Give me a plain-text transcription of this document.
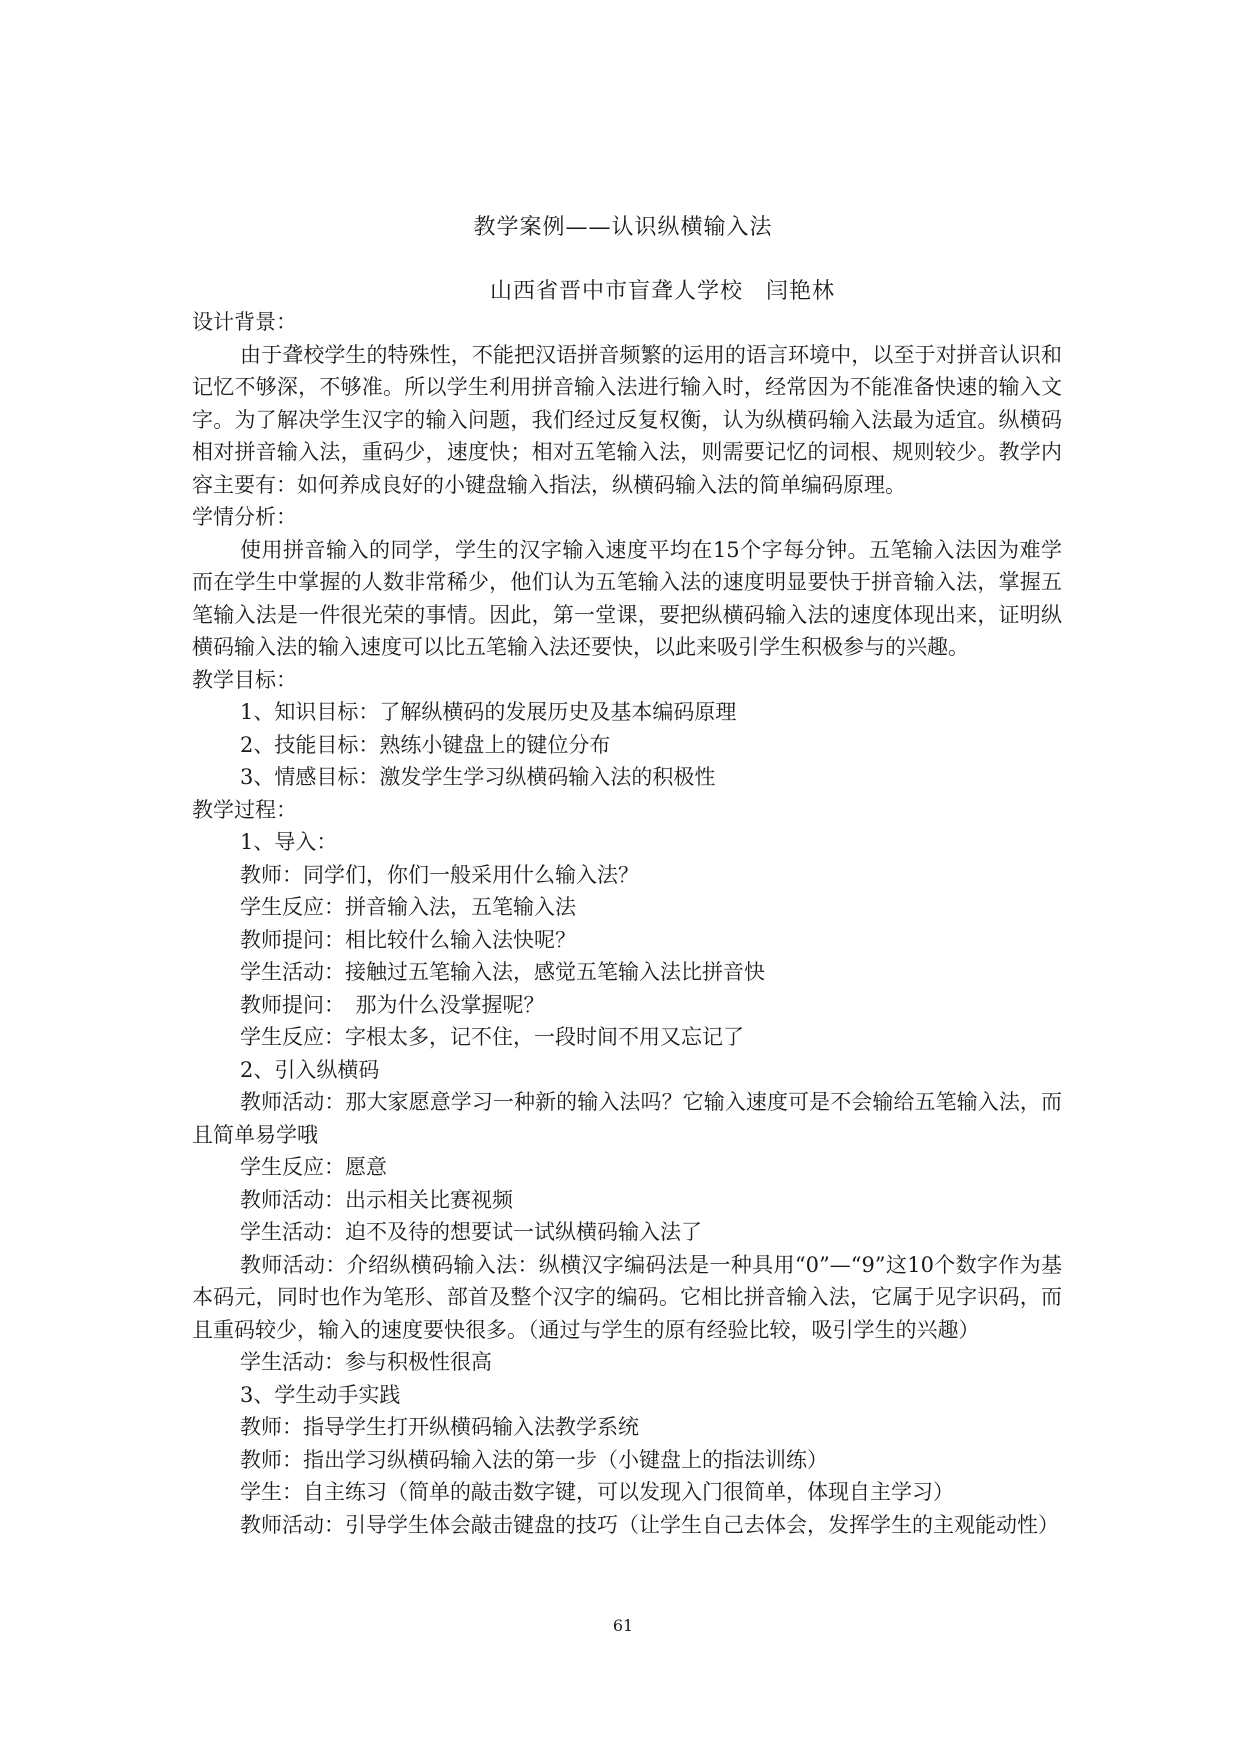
教学案例——认识纵横输入法
山西省晋中市盲聋人学校　闫艳林

设计背景：

由于聋校学生的特殊性，不能把汉语拼音频繁的运用的语言环境中，以至于对拼音认识和记忆不够深，不够准。所以学生利用拼音输入法进行输入时，经常因为不能准备快速的输入文字。为了解决学生汉字的输入问题，我们经过反复权衡，认为纵横码输入法最为适宜。纵横码相对拼音输入法，重码少，速度快；相对五笔输入法，则需要记忆的词根、规则较少。教学内容主要有：如何养成良好的小键盘输入指法，纵横码输入法的简单编码原理。

学情分析：

使用拼音输入的同学，学生的汉字输入速度平均在15个字每分钟。五笔输入法因为难学而在学生中掌握的人数非常稀少，他们认为五笔输入法的速度明显要快于拼音输入法，掌握五笔输入法是一件很光荣的事情。因此，第一堂课，要把纵横码输入法的速度体现出来，证明纵横码输入法的输入速度可以比五笔输入法还要快，以此来吸引学生积极参与的兴趣。

教学目标：

1、知识目标：了解纵横码的发展历史及基本编码原理

2、技能目标：熟练小键盘上的键位分布

3、情感目标：激发学生学习纵横码输入法的积极性

教学过程：

1、导入：

教师：同学们，你们一般采用什么输入法？

学生反应：拼音输入法，五笔输入法

教师提问：相比较什么输入法快呢？

学生活动：接触过五笔输入法，感觉五笔输入法比拼音快

教师提问：　那为什么没掌握呢？

学生反应：字根太多，记不住，一段时间不用又忘记了

2、引入纵横码

教师活动：那大家愿意学习一种新的输入法吗？它输入速度可是不会输给五笔输入法，而且简单易学哦

学生反应：愿意

教师活动：出示相关比赛视频

学生活动：迫不及待的想要试一试纵横码输入法了

教师活动：介绍纵横码输入法：纵横汉字编码法是一种具用“0”—“9”这10个数字作为基本码元，同时也作为笔形、部首及整个汉字的编码。它相比拼音输入法，它属于见字识码，而且重码较少，输入的速度要快很多。（通过与学生的原有经验比较，吸引学生的兴趣）

学生活动：参与积极性很高

3、学生动手实践

教师：指导学生打开纵横码输入法教学系统

教师：指出学习纵横码输入法的第一步（小键盘上的指法训练）

学生：自主练习（简单的敲击数字键，可以发现入门很简单，体现自主学习）

教师活动：引导学生体会敲击键盘的技巧（让学生自己去体会，发挥学生的主观能动性）

61
